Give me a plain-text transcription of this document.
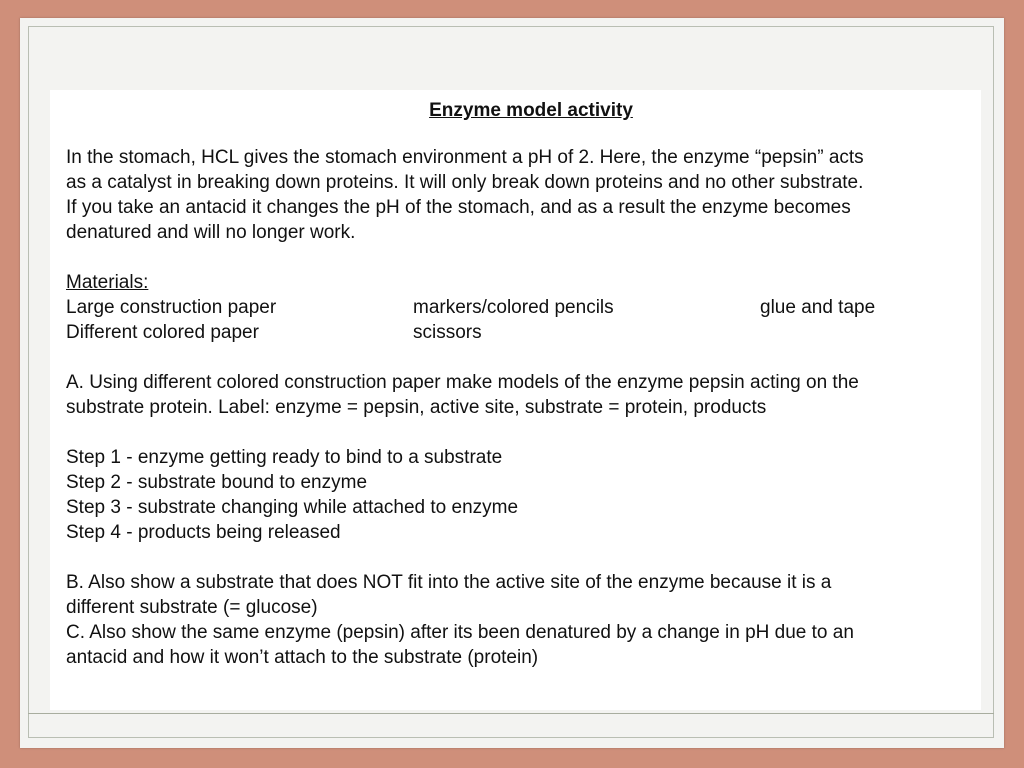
Enzyme model activity

In the stomach, HCL gives the stomach environment a pH of 2. Here, the enzyme “pepsin” acts

as a catalyst in breaking down proteins. It will only break down proteins and no other substrate.

If you take an antacid it changes the pH of the stomach, and as a result the enzyme becomes

denatured and will no longer work.

Materials:

Large construction paper	markers/colored pencils	glue and tape
Different colored paper	scissors

A. Using different colored construction paper make models of the enzyme pepsin acting on the

substrate protein. Label: enzyme = pepsin, active site, substrate = protein, products

Step 1 - enzyme getting ready to bind to a substrate

Step 2 - substrate bound to enzyme

Step 3 - substrate changing while attached to enzyme

Step 4 - products being released

B. Also show a substrate that does NOT fit into the active site of the enzyme because it is a

different substrate (= glucose)

C. Also show the same enzyme (pepsin) after its been denatured by a change in pH due to an

antacid and how it won’t attach to the substrate (protein)
